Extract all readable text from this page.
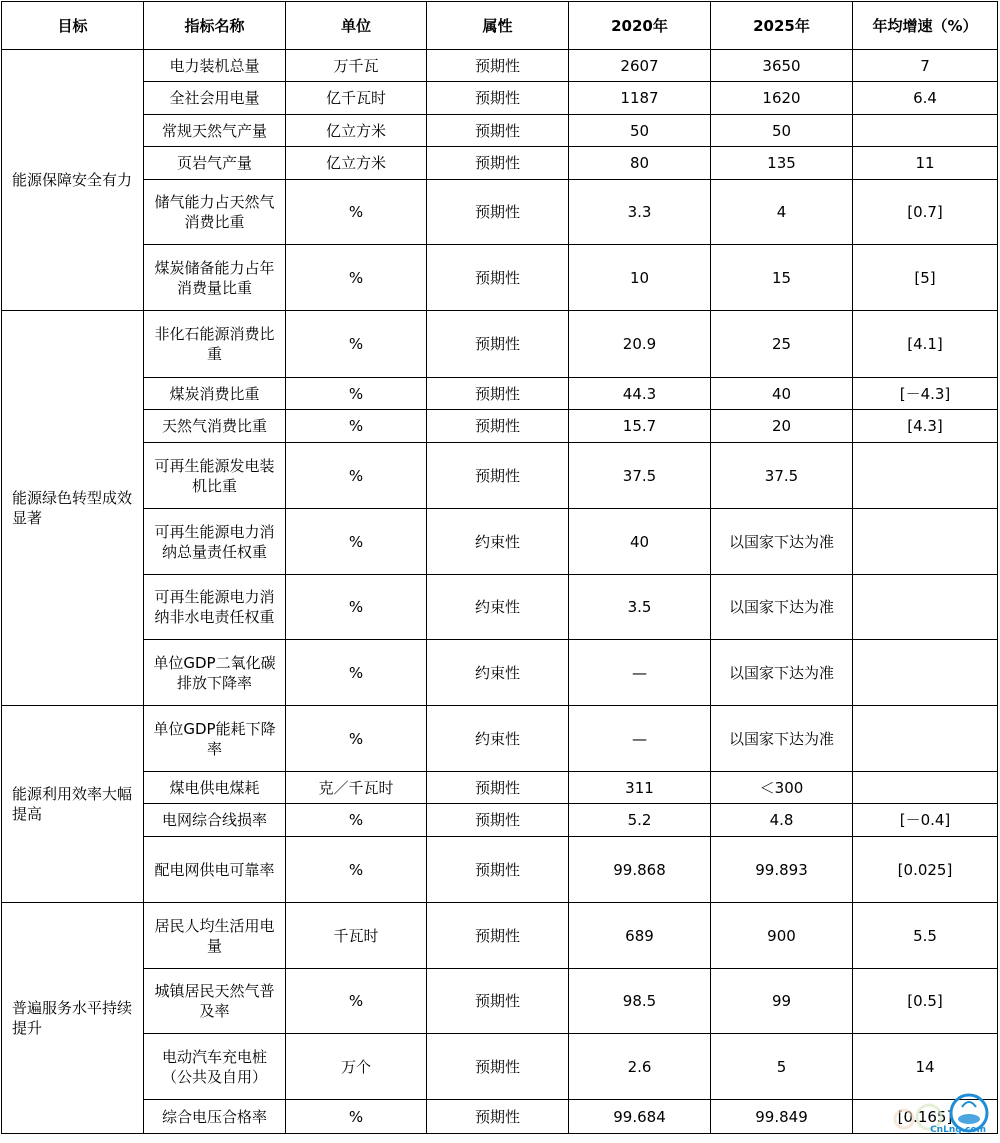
目标	指标名称	单位	属性	2020年	2025年	年均增速（%）
能源保障安全有力	电力装机总量	万千瓦	预期性	2607	3650	7
	全社会用电量	亿千瓦时	预期性	1187	1620	6.4
	常规天然气产量	亿立方米	预期性	50	50	
	页岩气产量	亿立方米	预期性	80	135	11
	储气能力占天然气消费比重	%	预期性	3.3	4	[0.7]
	煤炭储备能力占年消费量比重	%	预期性	10	15	[5]
能源绿色转型成效显著	非化石能源消费比重	%	预期性	20.9	25	[4.1]
	煤炭消费比重	%	预期性	44.3	40	[－4.3]
	天然气消费比重	%	预期性	15.7	20	[4.3]
	可再生能源发电装机比重	%	预期性	37.5	37.5	
	可再生能源电力消纳总量责任权重	%	约束性	40	以国家下达为准	
	可再生能源电力消纳非水电责任权重	%	约束性	3.5	以国家下达为准	
	单位GDP二氧化碳排放下降率	%	约束性	—	以国家下达为准	
能源利用效率大幅提高	单位GDP能耗下降率	%	约束性	—	以国家下达为准	
	煤电供电煤耗	克／千瓦时	预期性	311	＜300	
	电网综合线损率	%	预期性	5.2	4.8	[－0.4]
	配电网供电可靠率	%	预期性	99.868	99.893	[0.025]
普遍服务水平持续提升	居民人均生活用电量	千瓦时	预期性	689	900	5.5
	城镇居民天然气普及率	%	预期性	98.5	99	[0.5]
	电动汽车充电桩（公共及自用）	万个	预期性	2.6	5	14
	综合电压合格率	%	预期性	99.684	99.849	[0.165]
CnLng.com
